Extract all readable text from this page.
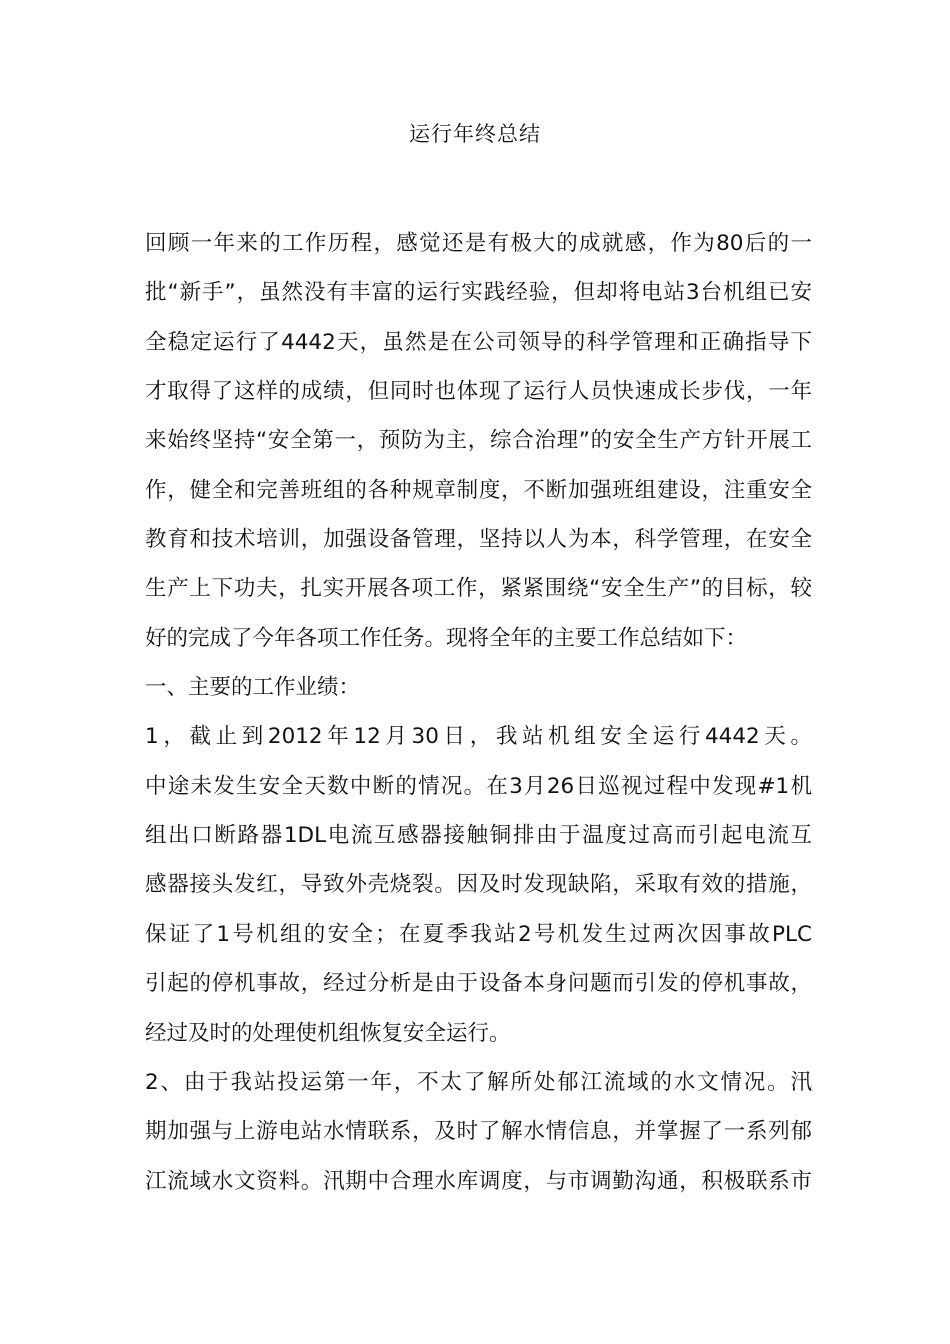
运行年终总结
回顾一年来的工作历程，感觉还是有极大的成就感，作为80后的一
批“新手”，虽然没有丰富的运行实践经验，但却将电站3台机组已安
全稳定运行了4442天，虽然是在公司领导的科学管理和正确指导下
才取得了这样的成绩，但同时也体现了运行人员快速成长步伐，一年
来始终坚持“安全第一，预防为主，综合治理”的安全生产方针开展工
作，健全和完善班组的各种规章制度，不断加强班组建设，注重安全
教育和技术培训，加强设备管理，坚持以人为本，科学管理，在安全
生产上下功夫，扎实开展各项工作，紧紧围绕“安全生产”的目标，较
好的完成了今年各项工作任务。现将全年的主要工作总结如下：
一、主要的工作业绩：
1，截止到2012年12月30日，我站机组安全运行4442天。
中途未发生安全天数中断的情况。在3月26日巡视过程中发现#1机
组出口断路器1DL电流互感器接触铜排由于温度过高而引起电流互
感器接头发红，导致外壳烧裂。因及时发现缺陷，采取有效的措施，
保证了1号机组的安全；在夏季我站2号机发生过两次因事故PLC
引起的停机事故，经过分析是由于设备本身问题而引发的停机事故，
经过及时的处理使机组恢复安全运行。
2、由于我站投运第一年，不太了解所处郁江流域的水文情况。汛
期加强与上游电站水情联系，及时了解水情信息，并掌握了一系列郁
江流域水文资料。汛期中合理水库调度，与市调勤沟通，积极联系市
